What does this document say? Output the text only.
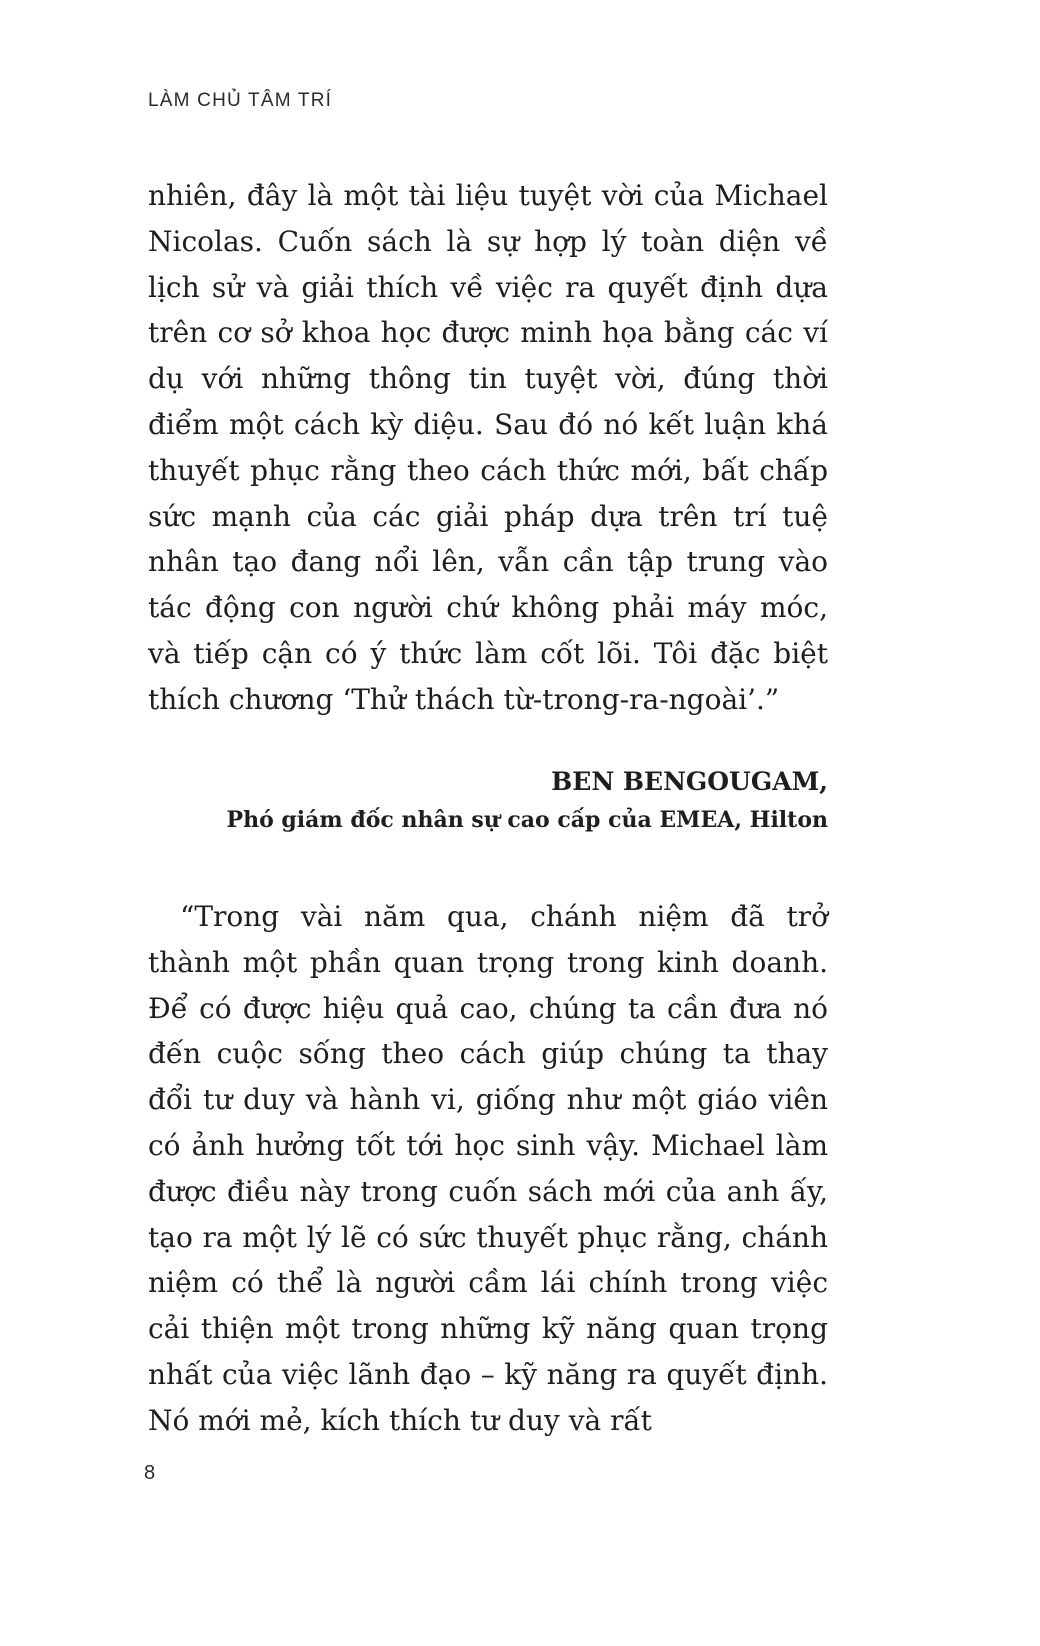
LÀM CHỦ TÂM TRÍ

nhiên, đây là một tài liệu tuyệt vời của Michael Nicolas. Cuốn sách là sự hợp lý toàn diện về lịch sử và giải thích về việc ra quyết định dựa trên cơ sở khoa học được minh họa bằng các ví dụ với những thông tin tuyệt vời, đúng thời điểm một cách kỳ diệu. Sau đó nó kết luận khá thuyết phục rằng theo cách thức mới, bất chấp sức mạnh của các giải pháp dựa trên trí tuệ nhân tạo đang nổi lên, vẫn cần tập trung vào tác động con người chứ không phải máy móc, và tiếp cận có ý thức làm cốt lõi. Tôi đặc biệt thích chương ‘Thử thách từ-trong-ra-ngoài’.”

BEN BENGOUGAM,
Phó giám đốc nhân sự cao cấp của EMEA, Hilton

“Trong vài năm qua, chánh niệm đã trở thành một phần quan trọng trong kinh doanh. Để có được hiệu quả cao, chúng ta cần đưa nó đến cuộc sống theo cách giúp chúng ta thay đổi tư duy và hành vi, giống như một giáo viên có ảnh hưởng tốt tới học sinh vậy. Michael làm được điều này trong cuốn sách mới của anh ấy, tạo ra một lý lẽ có sức thuyết phục rằng, chánh niệm có thể là người cầm lái chính trong việc cải thiện một trong những kỹ năng quan trọng nhất của việc lãnh đạo – kỹ năng ra quyết định. Nó mới mẻ, kích thích tư duy và rất

8
